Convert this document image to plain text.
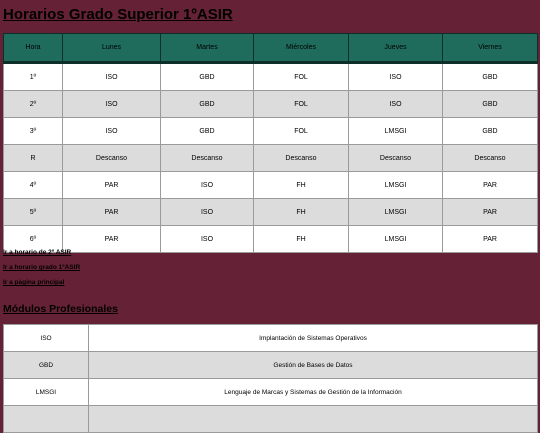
Horarios Grado Superior 1ºASIR
Hora	Lunes	Martes	Miércoles	Jueves	Viernes
1º	ISO	GBD	FOL	ISO	GBD
2º	ISO	GBD	FOL	ISO	GBD
3º	ISO	GBD	FOL	LMSGI	GBD
R	Descanso	Descanso	Descanso	Descanso	Descanso
4º	PAR	ISO	FH	LMSGI	PAR
5º	PAR	ISO	FH	LMSGI	PAR
6º	PAR	ISO	FH	LMSGI	PAR
Ir a horario de 2º ASIR
Ir a horario grado 1ºASIR
Ir a página principal
Módulos Profesionales
ISO	Implantación de Sistemas Operativos
GBD	Gestión de Bases de Datos
LMSGI	Lenguaje de Marcas y Sistemas de Gestión de la Información
